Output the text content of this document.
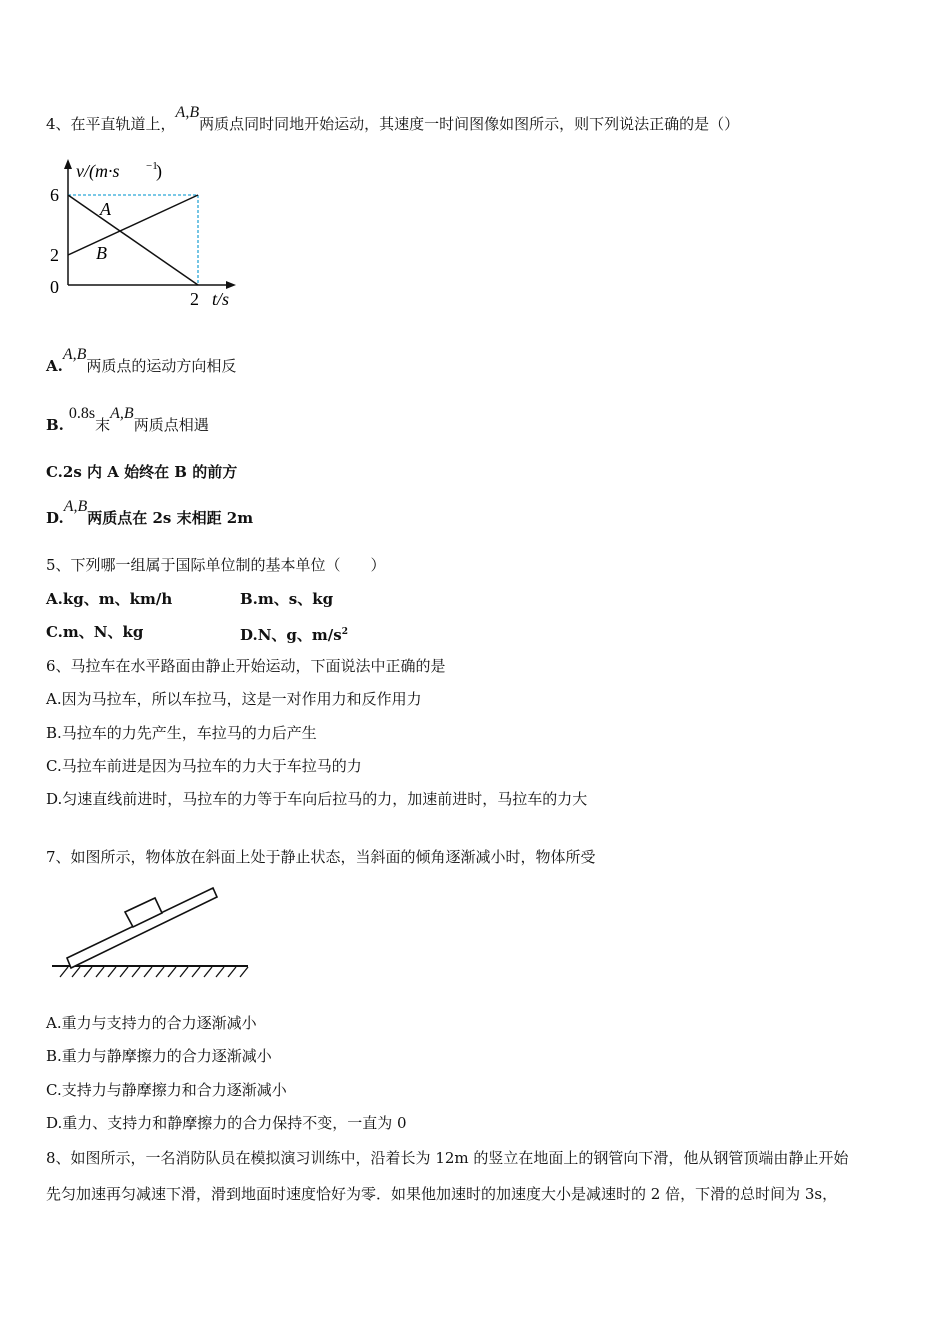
4、在平直轨道上，A,B两质点同时同地开始运动，其速度一时间图像如图所示，则下列说法正确的是（）
v/(m·s −1
)
6
2
0
2 t/s
A
B
A.A,B两质点的运动方向相反
B.0.8s末A,B两质点相遇
C.2s 内 A 始终在 B 的前方
D.A,B两质点在 2s 末相距 2m
5、下列哪一组属于国际单位制的基本单位（　　）
A.kg、m、km/h	B.m、s、kg
C.m、N、kg	D.N、g、$m/s^2$
6、马拉车在水平路面由静止开始运动，下面说法中正确的是
A.因为马拉车，所以车拉马，这是一对作用力和反作用力
B.马拉车的力先产生，车拉马的力后产生
C.马拉车前进是因为马拉车的力大于车拉马的力
D.匀速直线前进时，马拉车的力等于车向后拉马的力，加速前进时，马拉车的力大
7、如图所示，物体放在斜面上处于静止状态，当斜面的倾角逐渐减小时，物体所受
A.重力与支持力的合力逐渐减小
B.重力与静摩擦力的合力逐渐减小
C.支持力与静摩擦力和合力逐渐减小
D.重力、支持力和静摩擦力的合力保持不变，一直为 0
8、如图所示，一名消防队员在模拟演习训练中，沿着长为 12m 的竖立在地面上的钢管向下滑，他从钢管顶端由静止开始
先匀加速再匀减速下滑，滑到地面时速度恰好为零．如果他加速时的加速度大小是减速时的 2 倍，下滑的总时间为 3s，
